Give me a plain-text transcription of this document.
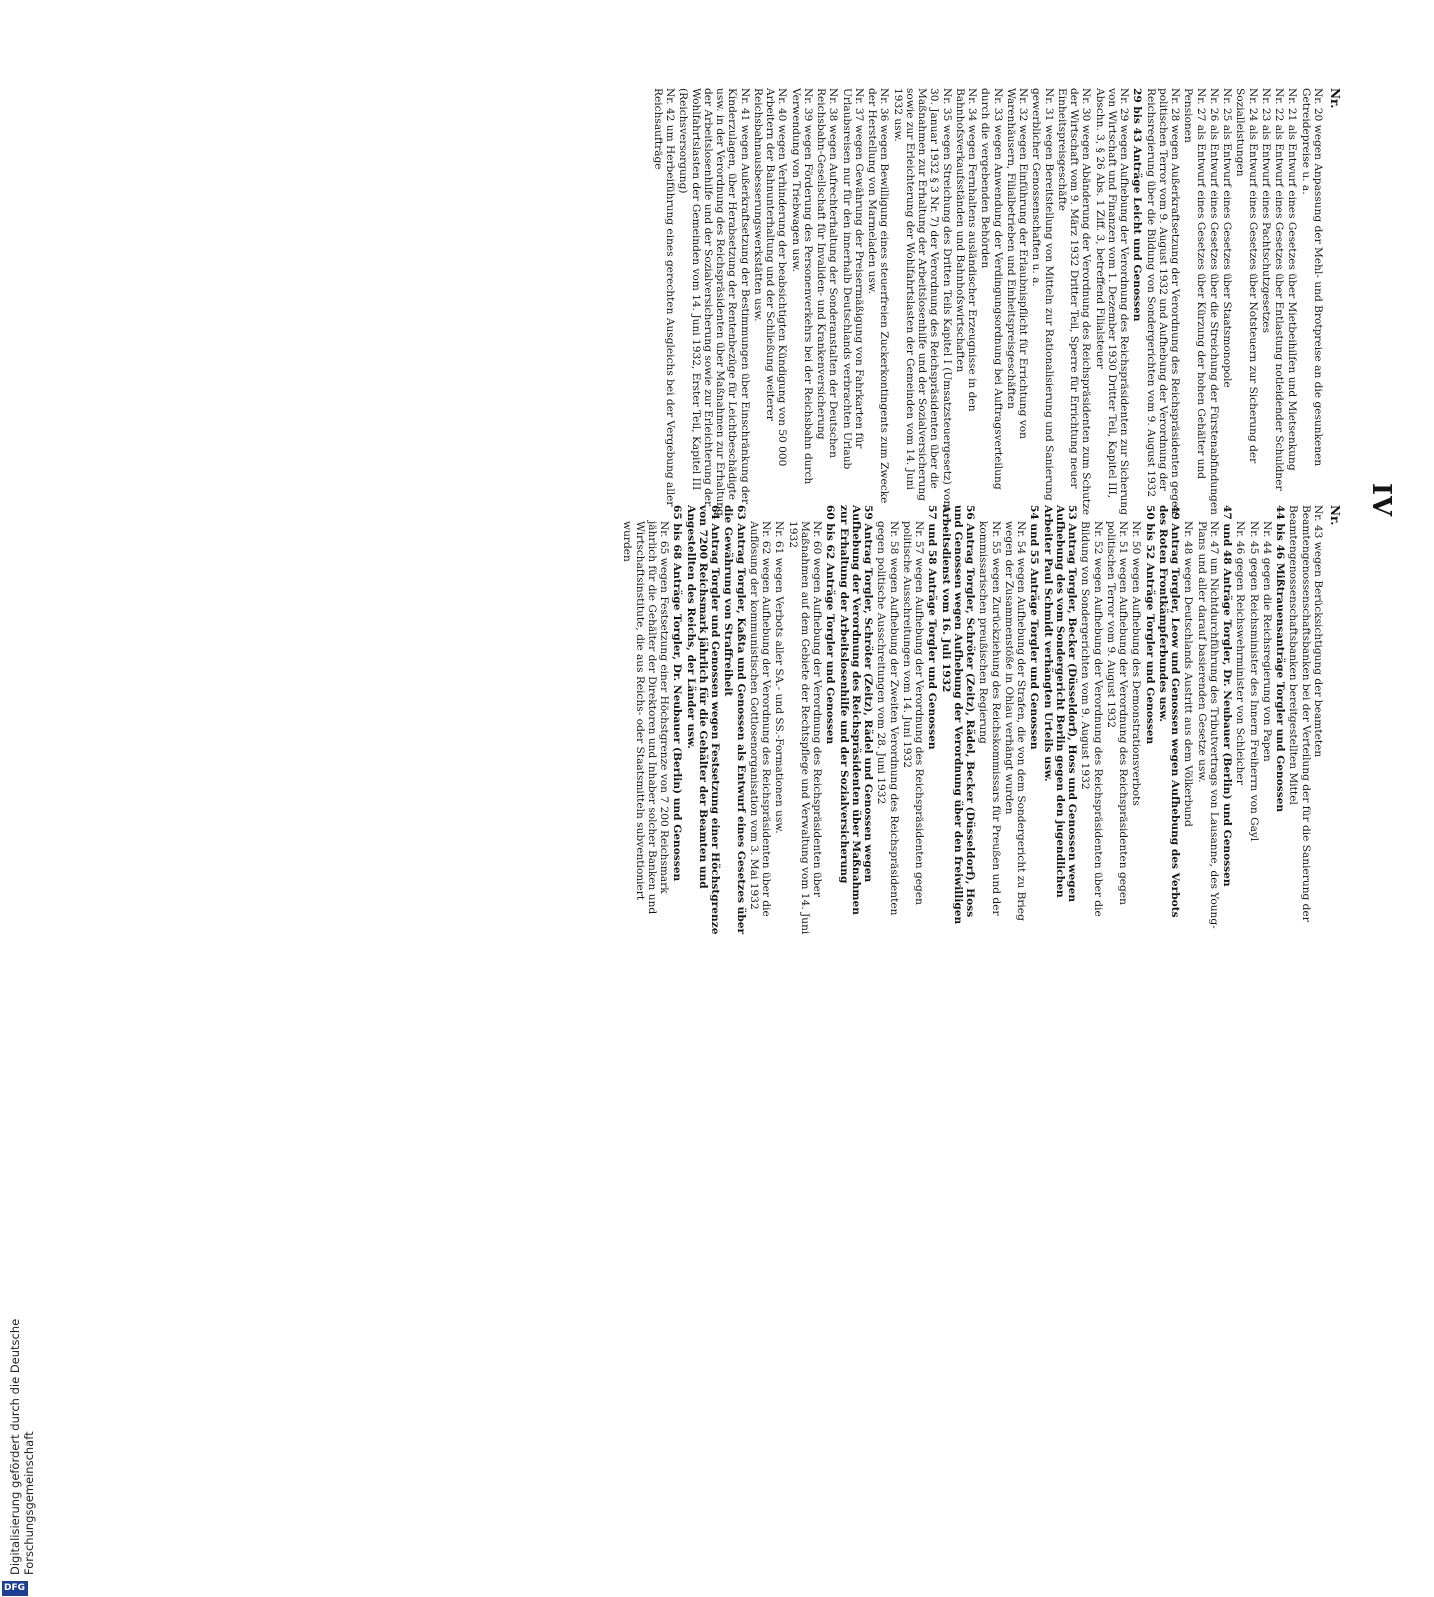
IV
Nr.
Nr.
Nr. 20 wegen Anpassung der Mehl- und Brotpreise an die gesunkenen Getreidepreise u. a.
Nr. 21 als Entwurf eines Gesetzes über Mietbeihilfen und Mietsenkung
Nr. 22 als Entwurf eines Gesetzes über Entlastung notleidender Schuldner
Nr. 23 als Entwurf eines Pachtschutzgesetzes
Nr. 24 als Entwurf eines Gesetzes über Notsteuern zur Sicherung der Sozialleistungen
Nr. 25 als Entwurf eines Gesetzes über Staatsmonopole
Nr. 26 als Entwurf eines Gesetzes über die Streichung der Fürstenabfindungen
Nr. 27 als Entwurf eines Gesetzes über Kürzung der hohen Gehälter und Pensionen
Nr. 28 wegen Außerkraftsetzung der Verordnung des Reichspräsidenten gegen politischen Terror vom 9. August 1932 und Aufhebung der Verordnung der Reichsregierung über die Bildung von Sondergerichten vom 9. August 1932
29 bis 43 Anträge Leicht und Genossen
Nr. 29 wegen Aufhebung der Verordnung des Reichspräsidenten zur Sicherung von Wirtschaft und Finanzen vom 1. Dezember 1930 Dritter Teil, Kapitel III, Abschn. 3, § 26 Abs. 1 Ziff. 3, betreffend Filialsteuer
Nr. 30 wegen Abänderung der Verordnung des Reichspräsidenten zum Schutze der Wirtschaft vom 9. März 1932 Dritter Teil, Sperre für Errichtung neuer Einheitspreisgeschäfte
Nr. 31 wegen Bereitstellung von Mitteln zur Rationalisierung und Sanierung gewerblicher Genossenschaften u. a.
Nr. 32 wegen Einführung der Erlaubnispflicht für Errichtung von Warenhäusern, Filialbetrieben und Einheitspreisgeschäften
Nr. 33 wegen Anwendung der Verdingungsordnung bei Auftragsverteilung durch die vergebenden Behörden
Nr. 34 wegen Fernhaltens ausländischer Erzeugnisse in den Bahnhofsverkaufsständen und Bahnhofswirtschaften
Nr. 35 wegen Streichung des Dritten Teils Kapitel I (Umsatzsteuergesetz) vom 30. Januar 1932 § 3 Nr. 7) der Verordnung des Reichspräsidenten über die Maßnahmen zur Erhaltung der Arbeitslosenhilfe und der Sozialversicherung sowie zur Erleichterung der Wohlfahrtslasten der Gemeinden vom 14. Juni 1932 usw.
Nr. 36 wegen Bewilligung eines steuerfreien Zuckerkontingents zum Zwecke der Herstellung von Marmeladen usw.
Nr. 37 wegen Gewährung der Preisermäßigung von Fahrkarten für Urlaubsreisen nur für den innerhalb Deutschlands verbrachten Urlaub
Nr. 38 wegen Aufrechterhaltung der Sonderanstalten der Deutschen Reichsbahn-Gesellschaft für Invaliden- und Krankenversicherung
Nr. 39 wegen Förderung des Personenverkehrs bei der Reichsbahn durch Verwendung von Triebwagen usw.
Nr. 40 wegen Verhinderung der beabsichtigten Kündigung von 50 000 Arbeitern der Bahnunterhaltung und der Schließung weiterer Reichsbahnausbesserungswerkstätten usw.
Nr. 41 wegen Außerkraftsetzung der Bestimmungen über Einschränkung der Kinderzulagen, über Herabsetzung der Rentenbezüge für Leichtbeschädigte usw. in der Verordnung des Reichspräsidenten über Maßnahmen zur Erhaltung der Arbeitslosenhilfe und der Sozialversicherung sowie zur Erleichterung der Wohlfahrtslasten der Gemeinden vom 14. Juni 1932, Erster Teil, Kapitel III (Reichsversorgung)
Nr. 42 um Herbeiführung eines gerechten Ausgleichs bei der Vergebung aller Reichsaufträge
Nr. 43 wegen Berücksichtigung der beamteten Beamtengenossenschaftsbanken bei der Verteilung der für die Sanierung der Beamtengenossenschaftsbanken bereitgestellten Mittel
44 bis 46 Mißtrauensanträge Torgler und Genossen
Nr. 44 gegen die Reichsregierung von Papen
Nr. 45 gegen Reichsminister des Innern Freiherrn von Gayl
Nr. 46 gegen Reichswehrminister von Schleicher
47 und 48 Anträge Torgler, Dr. Neubauer (Berlin) und Genossen
Nr. 47 um Nichtdurchführung des Tributvertrags von Lausanne, des Young-Plans und aller darauf basierenden Gesetze usw.
Nr. 48 wegen Deutschlands Austritt aus dem Völkerbund
49 Antrag Torgler, Leow und Genossen wegen Aufhebung des Verbots des Roten Frontkämpferbundes usw.
50 bis 52 Anträge Torgler und Genossen
Nr. 50 wegen Aufhebung des Demonstrationsverbots
Nr. 51 wegen Aufhebung der Verordnung des Reichspräsidenten gegen politischen Terror vom 9. August 1932
Nr. 52 wegen Aufhebung der Verordnung des Reichspräsidenten über die Bildung von Sondergerichten vom 9. August 1932
53 Antrag Torgler, Becker (Düsseldorf), Hoss und Genossen wegen Aufhebung des vom Sondergericht Berlin gegen den jugendlichen Arbeiter Paul Schmidt verhängten Urteils usw.
54 und 55 Anträge Torgler und Genossen
Nr. 54 wegen Aufhebung der Strafen, die von dem Sondergericht zu Brieg wegen der Zusammenstöße in Ohlau verhängt wurden
Nr. 55 wegen Zurückziehung des Reichskommissars für Preußen und der kommissarischen preußischen Regierung
56 Antrag Torgler, Schröter (Zeitz), Rädel, Becker (Düsseldorf), Hoss und Genossen wegen Aufhebung der Verordnung über den freiwilligen Arbeitsdienst vom 16. Juli 1932
57 und 58 Anträge Torgler und Genossen
Nr. 57 wegen Aufhebung der Verordnung des Reichspräsidenten gegen politische Ausschreitungen vom 14. Juni 1932
Nr. 58 wegen Aufhebung der Zweiten Verordnung des Reichspräsidenten gegen politische Ausschreitungen vom 28. Juni 1932
59 Antrag Torgler, Schröter (Zeitz), Rädel und Genossen wegen Aufhebung der Verordnung des Reichspräsidenten über Maßnahmen zur Erhaltung der Arbeitslosenhilfe und der Sozialversicherung
60 bis 62 Anträge Torgler und Genossen
Nr. 60 wegen Aufhebung der Verordnung des Reichspräsidenten über Maßnahmen auf dem Gebiete der Rechtspflege und Verwaltung vom 14. Juni 1932
Nr. 61 wegen Verbots aller SA.- und SS.-Formationen usw.
Nr. 62 wegen Aufhebung der Verordnung des Reichspräsidenten über die Auflösung der kommunistischen Gottlosenorganisation vom 3. Mai 1932
63 Antrag Torgler, Kaßta und Genossen als Entwurf eines Gesetzes über die Gewährung von Straffreiheit
64 Antrag Torgler und Genossen wegen Festsetzung einer Höchstgrenze von 7200 Reichsmark jährlich für die Gehälter der Beamten und Angestellten des Reichs, der Länder usw.
65 bis 68 Anträge Torgler, Dr. Neubauer (Berlin) und Genossen
Nr. 65 wegen Festsetzung einer Höchstgrenze von 7 200 Reichsmark jährlich für die Gehälter der Direktoren und Inhaber solcher Banken und Wirtschaftsinstitute, die aus Reichs- oder Staatsmitteln subventioniert wurden
DFG
Digitalisierung gefördert durch die Deutsche Forschungsgemeinschaft
